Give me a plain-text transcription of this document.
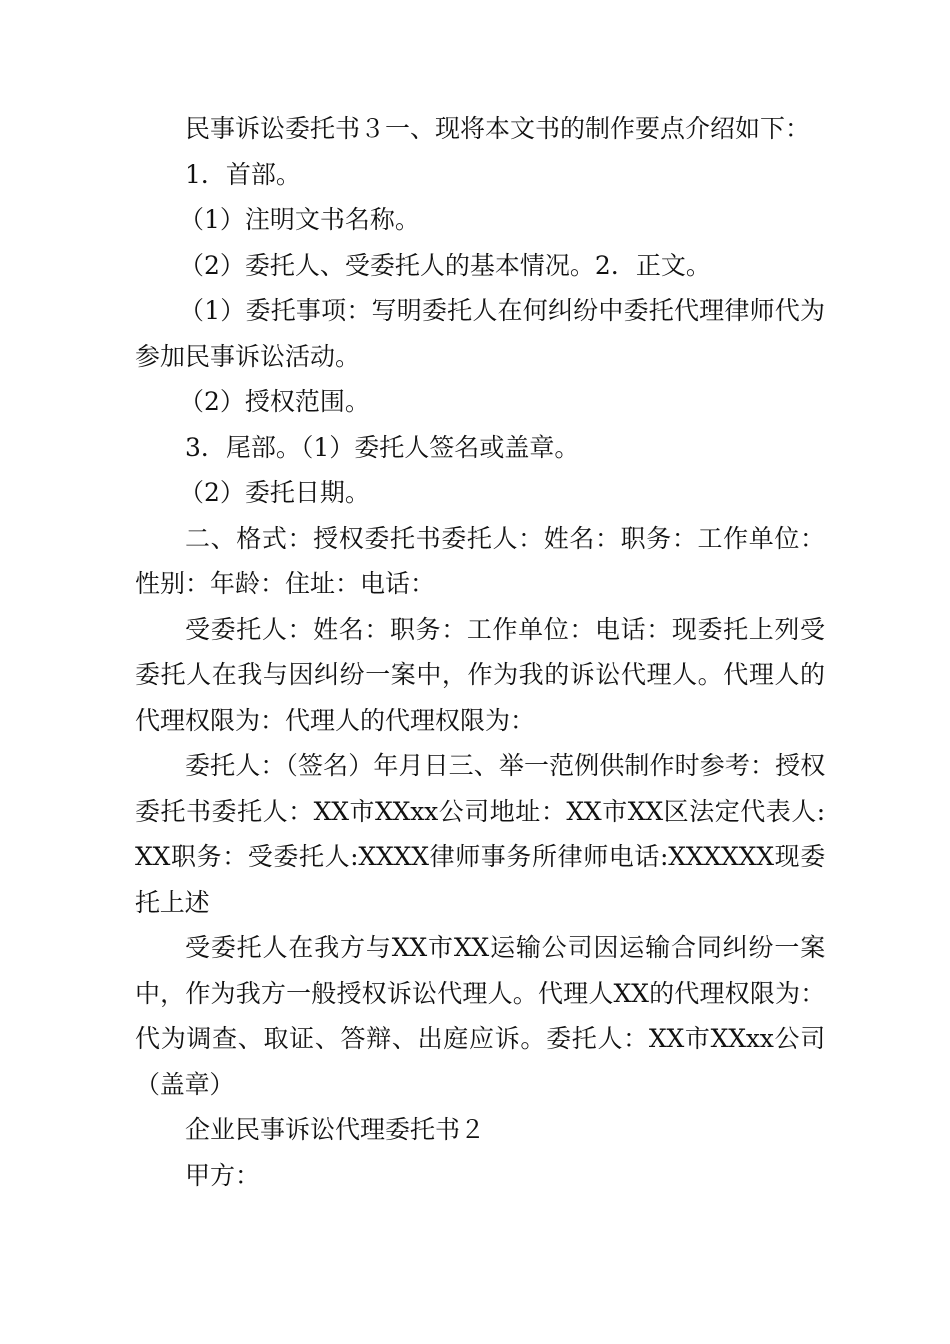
民事诉讼委托书３一、现将本文书的制作要点介绍如下：

1．首部。

（1）注明文书名称。

（2）委托人、受委托人的基本情况。2．正文。

（1）委托事项：写明委托人在何纠纷中委托代理律师代为参加民事诉讼活动。

（2）授权范围。

3．尾部。（1）委托人签名或盖章。

（2）委托日期。

二、格式：授权委托书委托人：姓名：职务：工作单位：性别：年龄：住址：电话：

受委托人：姓名：职务：工作单位：电话：现委托上列受委托人在我与因纠纷一案中，作为我的诉讼代理人。代理人的代理权限为：代理人的代理权限为：

委托人：（签名）年月日三、举一范例供制作时参考：授权委托书委托人：XX市XXxx公司地址：XX市XX区法定代表人:XX职务：受委托人:XXXX律师事务所律师电话:XXXXXX现委托上述

受委托人在我方与XX市XX运输公司因运输合同纠纷一案中，作为我方一般授权诉讼代理人。代理人XX的代理权限为：代为调查、取证、答辩、出庭应诉。委托人：XX市XXxx公司（盖章）

企业民事诉讼代理委托书２

甲方：
